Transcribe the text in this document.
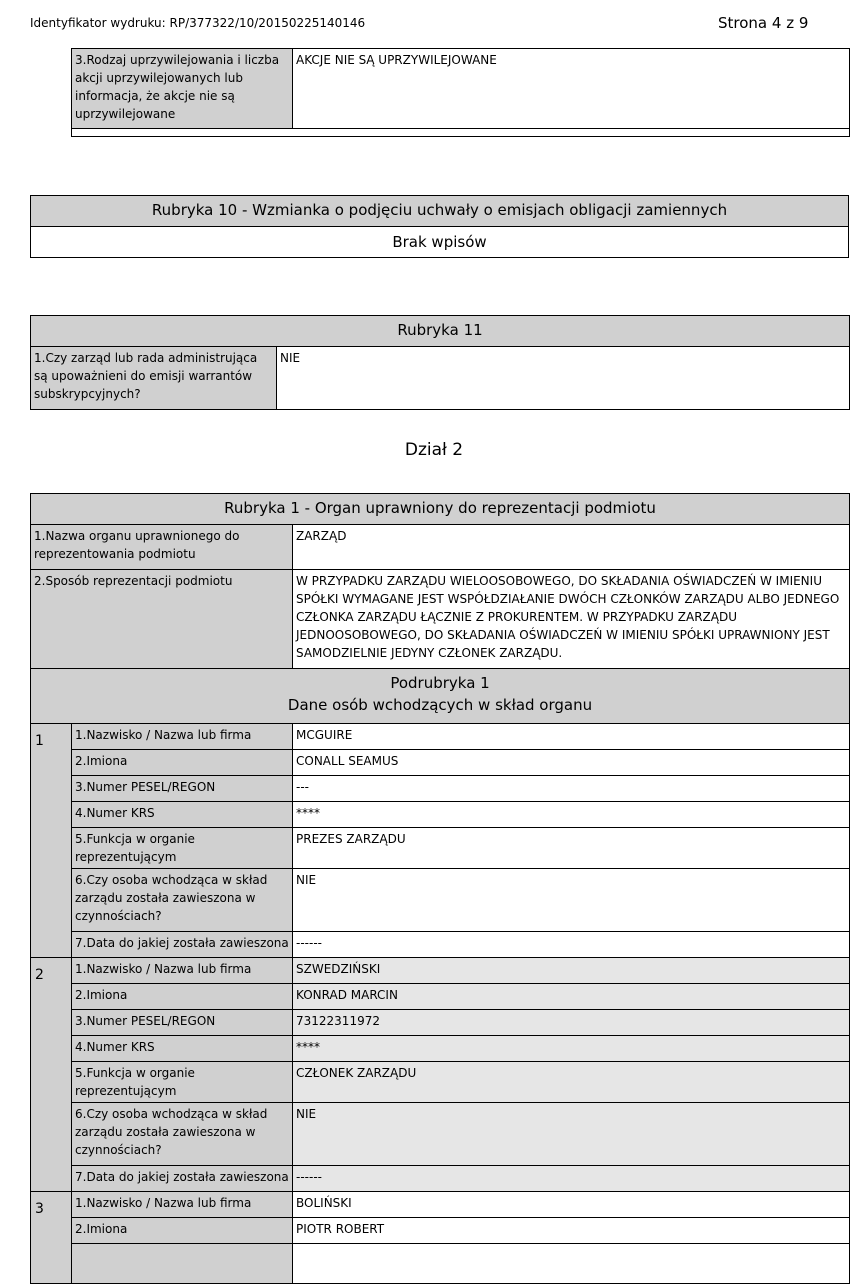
Identyfikator wydruku: RP/377322/10/20150225140146	Strona 4 z 9
3.Rodzaj uprzywilejowania i liczba akcji uprzywilejowanych lub informacja, że akcje nie są uprzywilejowane	AKCJE NIE SĄ UPRZYWILEJOWANE

Rubryka 10 - Wzmianka o podjęciu uchwały o emisjach obligacji zamiennych
Brak wpisów
Rubryka 11
1.Czy zarząd lub rada administrująca są upoważnieni do emisji warrantów subskrypcyjnych?	NIE
Dział 2
Rubryka 1 - Organ uprawniony do reprezentacji podmiotu		
1.Nazwa organu uprawnionego do reprezentowania podmiotu		ZARZĄD
2.Sposób reprezentacji podmiotu		W PRZYPADKU ZARZĄDU WIELOOSOBOWEGO, DO SKŁADANIA OŚWIADCZEŃ W IMIENIU SPÓŁKI WYMAGANE JEST WSPÓŁDZIAŁANIE DWÓCH CZŁONKÓW ZARZĄDU ALBO JEDNEGO CZŁONKA ZARZĄDU ŁĄCZNIE Z PROKURENTEM. W PRZYPADKU ZARZĄDU JEDNOOSOBOWEGO, DO SKŁADANIA OŚWIADCZEŃ W IMIENIU SPÓŁKI UPRAWNIONY JEST SAMODZIELNIE JEDYNY CZŁONEK ZARZĄDU.

Podrubryka 1
Dane osób wchodzących w skład organu		

1	1.Nazwisko / Nazwa lub firma	MCGUIRE
	2.Imiona	CONALL SEAMUS
	3.Numer PESEL/REGON	---
	4.Numer KRS	****
	5.Funkcja w organie reprezentującym	PREZES ZARZĄDU
	6.Czy osoba wchodząca w skład zarządu została zawieszona w czynnościach?	NIE
	7.Data do jakiej została zawieszona	------
2	1.Nazwisko / Nazwa lub firma	SZWEDZIŃSKI
	2.Imiona	KONRAD MARCIN
	3.Numer PESEL/REGON	73122311972
	4.Numer KRS	****
	5.Funkcja w organie reprezentującym	CZŁONEK ZARZĄDU
	6.Czy osoba wchodząca w skład zarządu została zawieszona w czynnościach?	NIE
	7.Data do jakiej została zawieszona	------
3	1.Nazwisko / Nazwa lub firma	BOLIŃSKI
	2.Imiona	PIOTR ROBERT
